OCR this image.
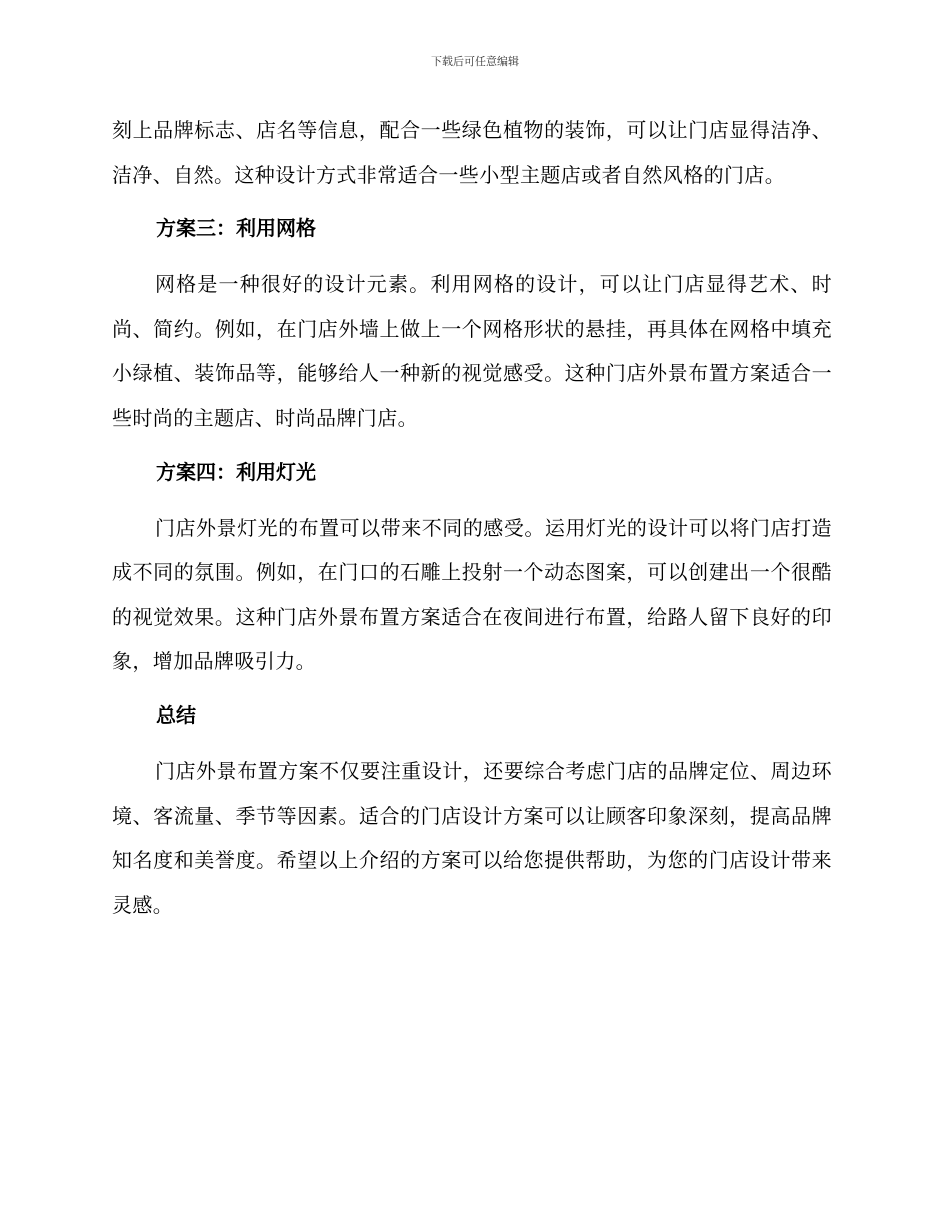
下载后可任意编辑

刻上品牌标志、店名等信息，配合一些绿色植物的装饰，可以让门店显得洁净、洁净、自然。这种设计方式非常适合一些小型主题店或者自然风格的门店。

方案三：利用网格

网格是一种很好的设计元素。利用网格的设计，可以让门店显得艺术、时尚、简约。例如，在门店外墙上做上一个网格形状的悬挂，再具体在网格中填充小绿植、装饰品等，能够给人一种新的视觉感受。这种门店外景布置方案适合一些时尚的主题店、时尚品牌门店。

方案四：利用灯光

门店外景灯光的布置可以带来不同的感受。运用灯光的设计可以将门店打造成不同的氛围。例如，在门口的石雕上投射一个动态图案，可以创建出一个很酷的视觉效果。这种门店外景布置方案适合在夜间进行布置，给路人留下良好的印象，增加品牌吸引力。

总结

门店外景布置方案不仅要注重设计，还要综合考虑门店的品牌定位、周边环境、客流量、季节等因素。适合的门店设计方案可以让顾客印象深刻，提高品牌知名度和美誉度。希望以上介绍的方案可以给您提供帮助，为您的门店设计带来灵感。
